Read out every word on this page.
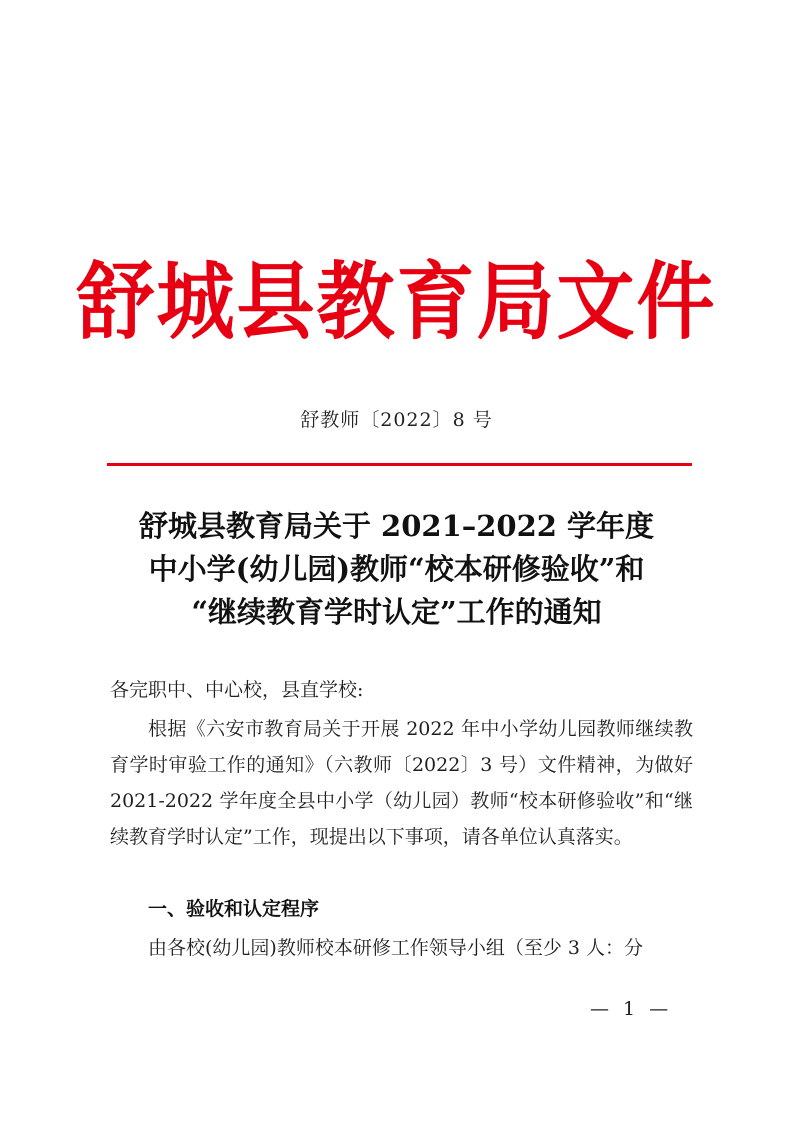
舒城县教育局文件
舒教师〔2022〕8 号
舒城县教育局关于 2021–2022 学年度
中小学(幼儿园)教师“校本研修验收”和
“继续教育学时认定”工作的通知
各完职中、中心校，县直学校:
根据《六安市教育局关于开展 2022 年中小学幼儿园教师继续教育学时审验工作的通知》（六教师〔2022〕3 号）文件精神，为做好 2021-2022 学年度全县中小学（幼儿园）教师“校本研修验收”和“继续教育学时认定”工作，现提出以下事项，请各单位认真落实。
一、验收和认定程序
由各校(幼儿园)教师校本研修工作领导小组（至少 3 人：分
— 1 —
